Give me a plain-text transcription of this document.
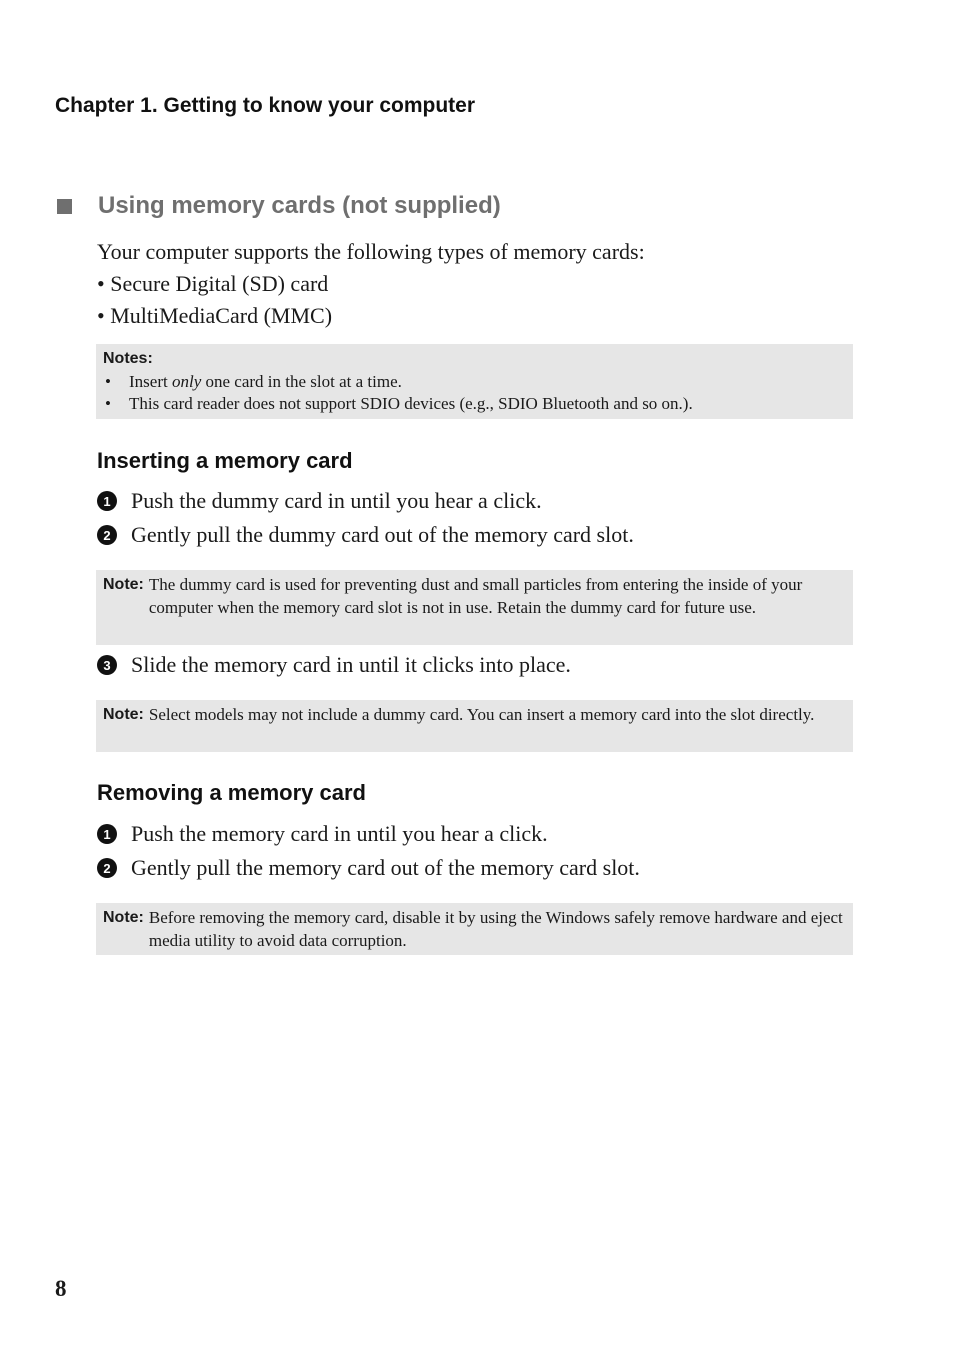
Chapter 1. Getting to know your computer
Using memory cards (not supplied)

Your computer supports the following types of memory cards:

• Secure Digital (SD) card

• MultiMediaCard (MMC)

Notes:
• Insert only one card in the slot at a time.
• This card reader does not support SDIO devices (e.g., SDIO Bluetooth and so on.).
Inserting a memory card
1 Push the dummy card in until you hear a click.
2 Gently pull the dummy card out of the memory card slot.
Note: The dummy card is used for preventing dust and small particles from entering the inside of your computer when the memory card slot is not in use. Retain the dummy card for future use.
3 Slide the memory card in until it clicks into place.
Note: Select models may not include a dummy card. You can insert a memory card into the slot directly.
Removing a memory card
1 Push the memory card in until you hear a click.
2 Gently pull the memory card out of the memory card slot.
Note: Before removing the memory card, disable it by using the Windows safely remove hardware and eject media utility to avoid data corruption.
8
